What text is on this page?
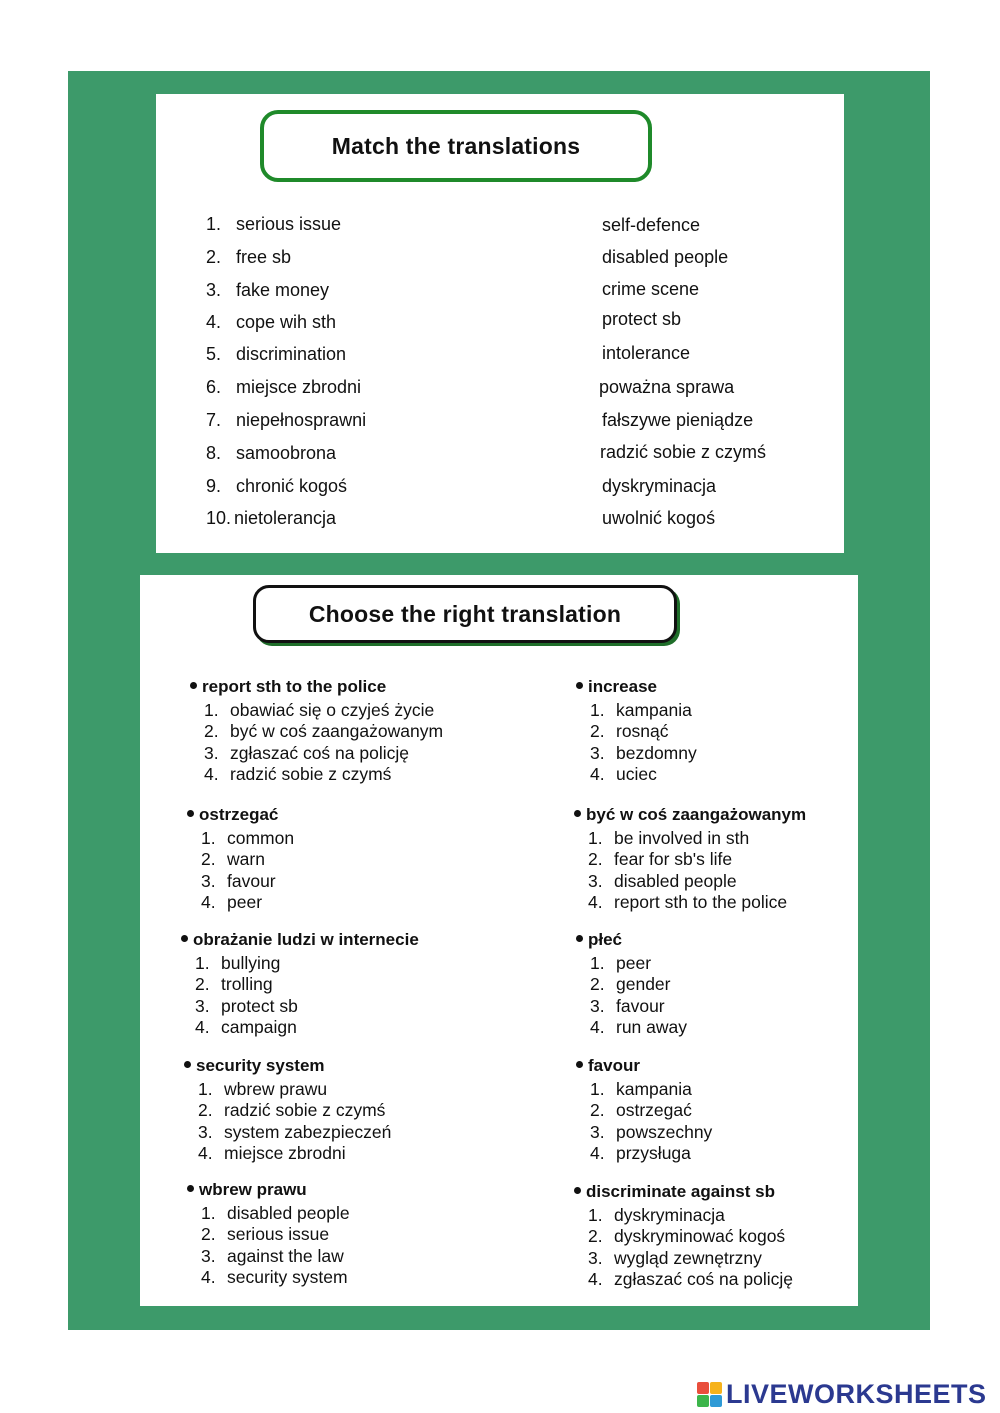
Match the translations
1. serious issue
2. free sb
3. fake money
4. cope wih sth
5. discrimination
6. miejsce zbrodni
7. niepełnosprawni
8. samoobrona
9. chronić kogoś
10. nietolerancja
self-defence
disabled people
crime scene
protect sb
intolerance
poważna sprawa
fałszywe pieniądze
radzić sobie z czymś
dyskryminacja
uwolnić kogoś
Choose the right translation
report sth to the police
1. obawiać się o czyjeś życie
2. być w coś zaangażowanym
3. zgłaszać coś na policję
4. radzić sobie z czymś
increase
1. kampania
2. rosnąć
3. bezdomny
4. uciec
ostrzegać
1. common
2. warn
3. favour
4. peer
być w coś zaangażowanym
1. be involved in sth
2. fear for sb's life
3. disabled people
4. report sth to the police
obrażanie ludzi w internecie
1. bullying
2. trolling
3. protect sb
4. campaign
płeć
1. peer
2. gender
3. favour
4. run away
security system
1. wbrew prawu
2. radzić sobie z czymś
3. system zabezpieczeń
4. miejsce zbrodni
favour
1. kampania
2. ostrzegać
3. powszechny
4. przysługa
wbrew prawu
1. disabled people
2. serious issue
3. against the law
4. security system
discriminate against sb
1. dyskryminacja
2. dyskryminować kogoś
3. wygląd zewnętrzny
4. zgłaszać coś na policję
LIVEWORKSHEETS
